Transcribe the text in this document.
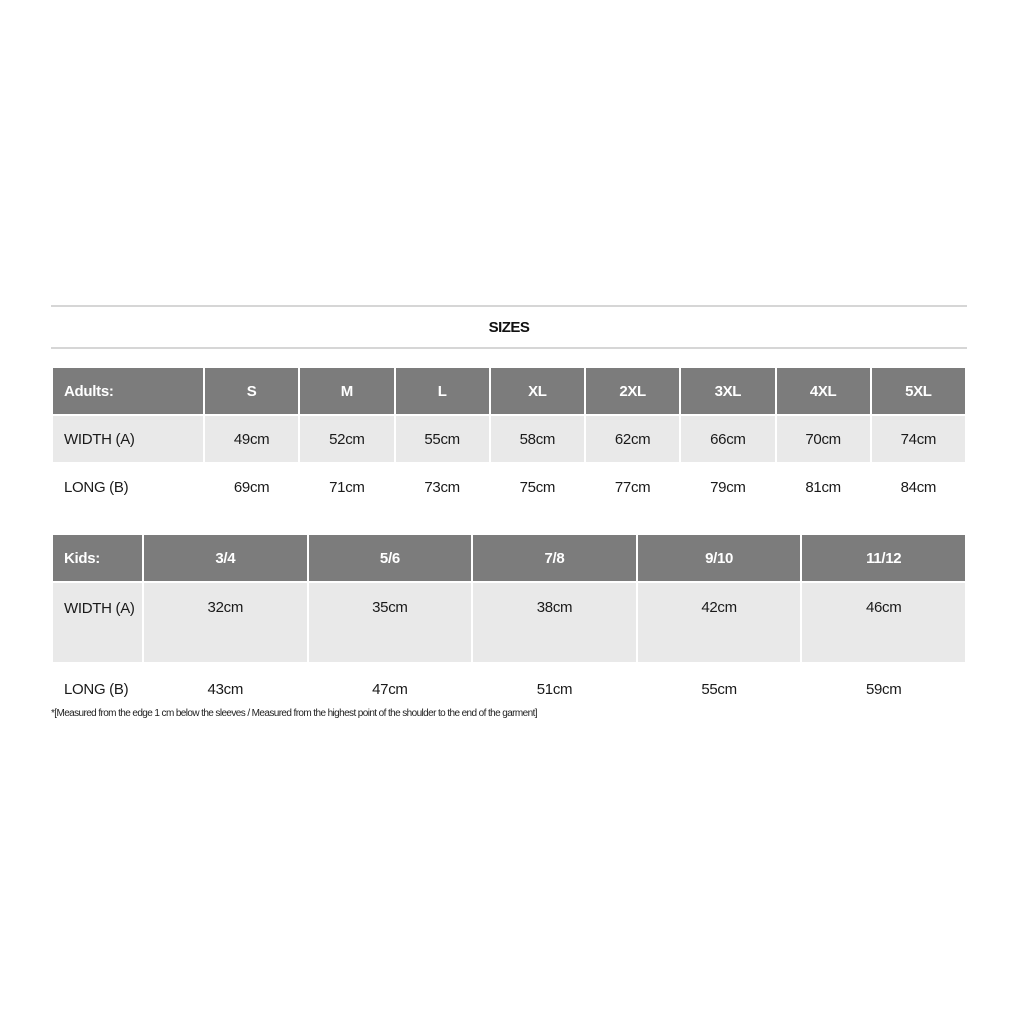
SIZES
Adults:	S	M	L	XL	2XL	3XL	4XL	5XL
WIDTH (A)	49cm	52cm	55cm	58cm	62cm	66cm	70cm	74cm
LONG (B)	69cm	71cm	73cm	75cm	77cm	79cm	81cm	84cm
Kids:	3/4	5/6	7/8	9/10	11/12
WIDTH (A)	32cm	35cm	38cm	42cm	46cm
LONG (B)	43cm	47cm	51cm	55cm	59cm
*[Measured from the edge 1 cm below the sleeves / Measured from the highest point of the shoulder to the end of the garment]
